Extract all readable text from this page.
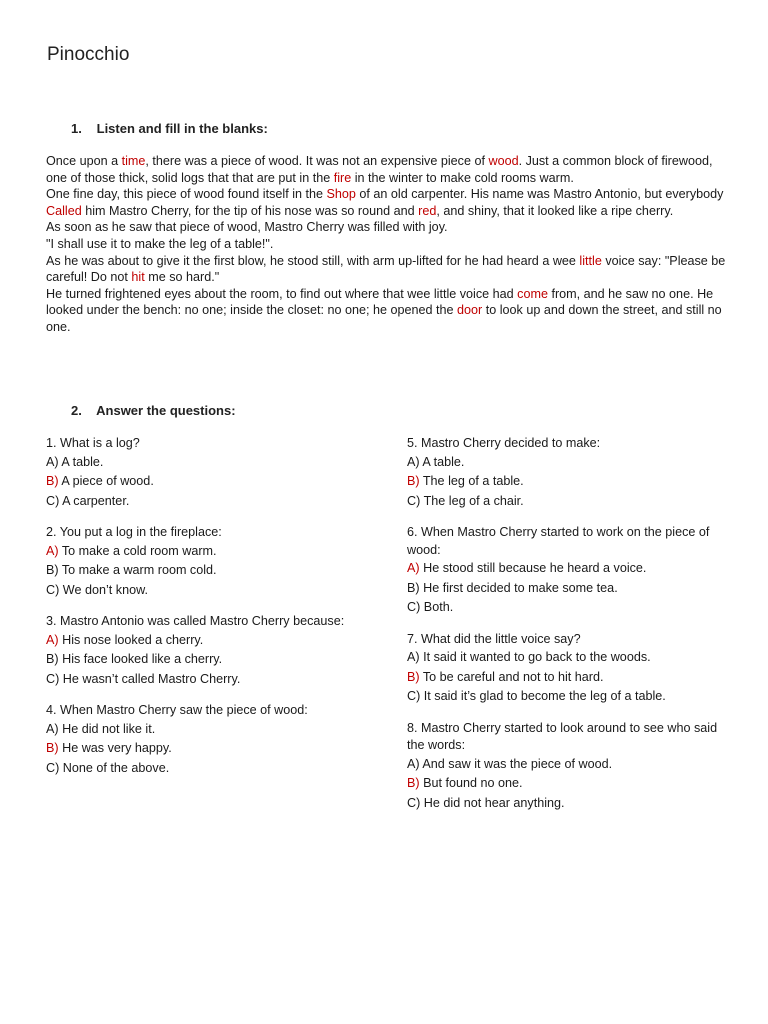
Pinocchio
1. Listen and fill in the blanks:

Once upon a time, there was a piece of wood. It was not an expensive piece of wood. Just a common block of firewood, one of those thick, solid logs that that are put in the fire in the winter to make cold rooms warm.

One fine day, this piece of wood found itself in the Shop of an old carpenter. His name was Mastro Antonio, but everybody Called him Mastro Cherry, for the tip of his nose was so round and red, and shiny, that it looked like a ripe cherry.

As soon as he saw that piece of wood, Mastro Cherry was filled with joy.

"I shall use it to make the leg of a table!".

As he was about to give it the first blow, he stood still, with arm up-lifted for he had heard a wee little voice say: "Please be careful! Do not hit me so hard."

He turned frightened eyes about the room, to find out where that wee little voice had come from, and he saw no one. He looked under the bench: no one; inside the closet: no one; he opened the door to look up and down the street, and still no one.

2. Answer the questions:
1. What is a log?
A) A table.
B) A piece of wood.
C) A carpenter.
2. You put a log in the fireplace:
A) To make a cold room warm.
B) To make a warm room cold.
C) We don’t know.
3. Mastro Antonio was called Mastro Cherry because:
A) His nose looked a cherry.
B) His face looked like a cherry.
C) He wasn’t called Mastro Cherry.
4. When Mastro Cherry saw the piece of wood:
A) He did not like it.
B) He was very happy.
C) None of the above.
5. Mastro Cherry decided to make:
A) A table.
B) The leg of a table.
C) The leg of a chair.
6. When Mastro Cherry started to work on the piece of wood:
A) He stood still because he heard a voice.
B) He first decided to make some tea.
C) Both.
7. What did the little voice say?
A) It said it wanted to go back to the woods.
B) To be careful and not to hit hard.
C) It said it’s glad to become the leg of a table.
8. Mastro Cherry started to look around to see who said the words:
A) And saw it was the piece of wood.
B) But found no one.
C) He did not hear anything.
